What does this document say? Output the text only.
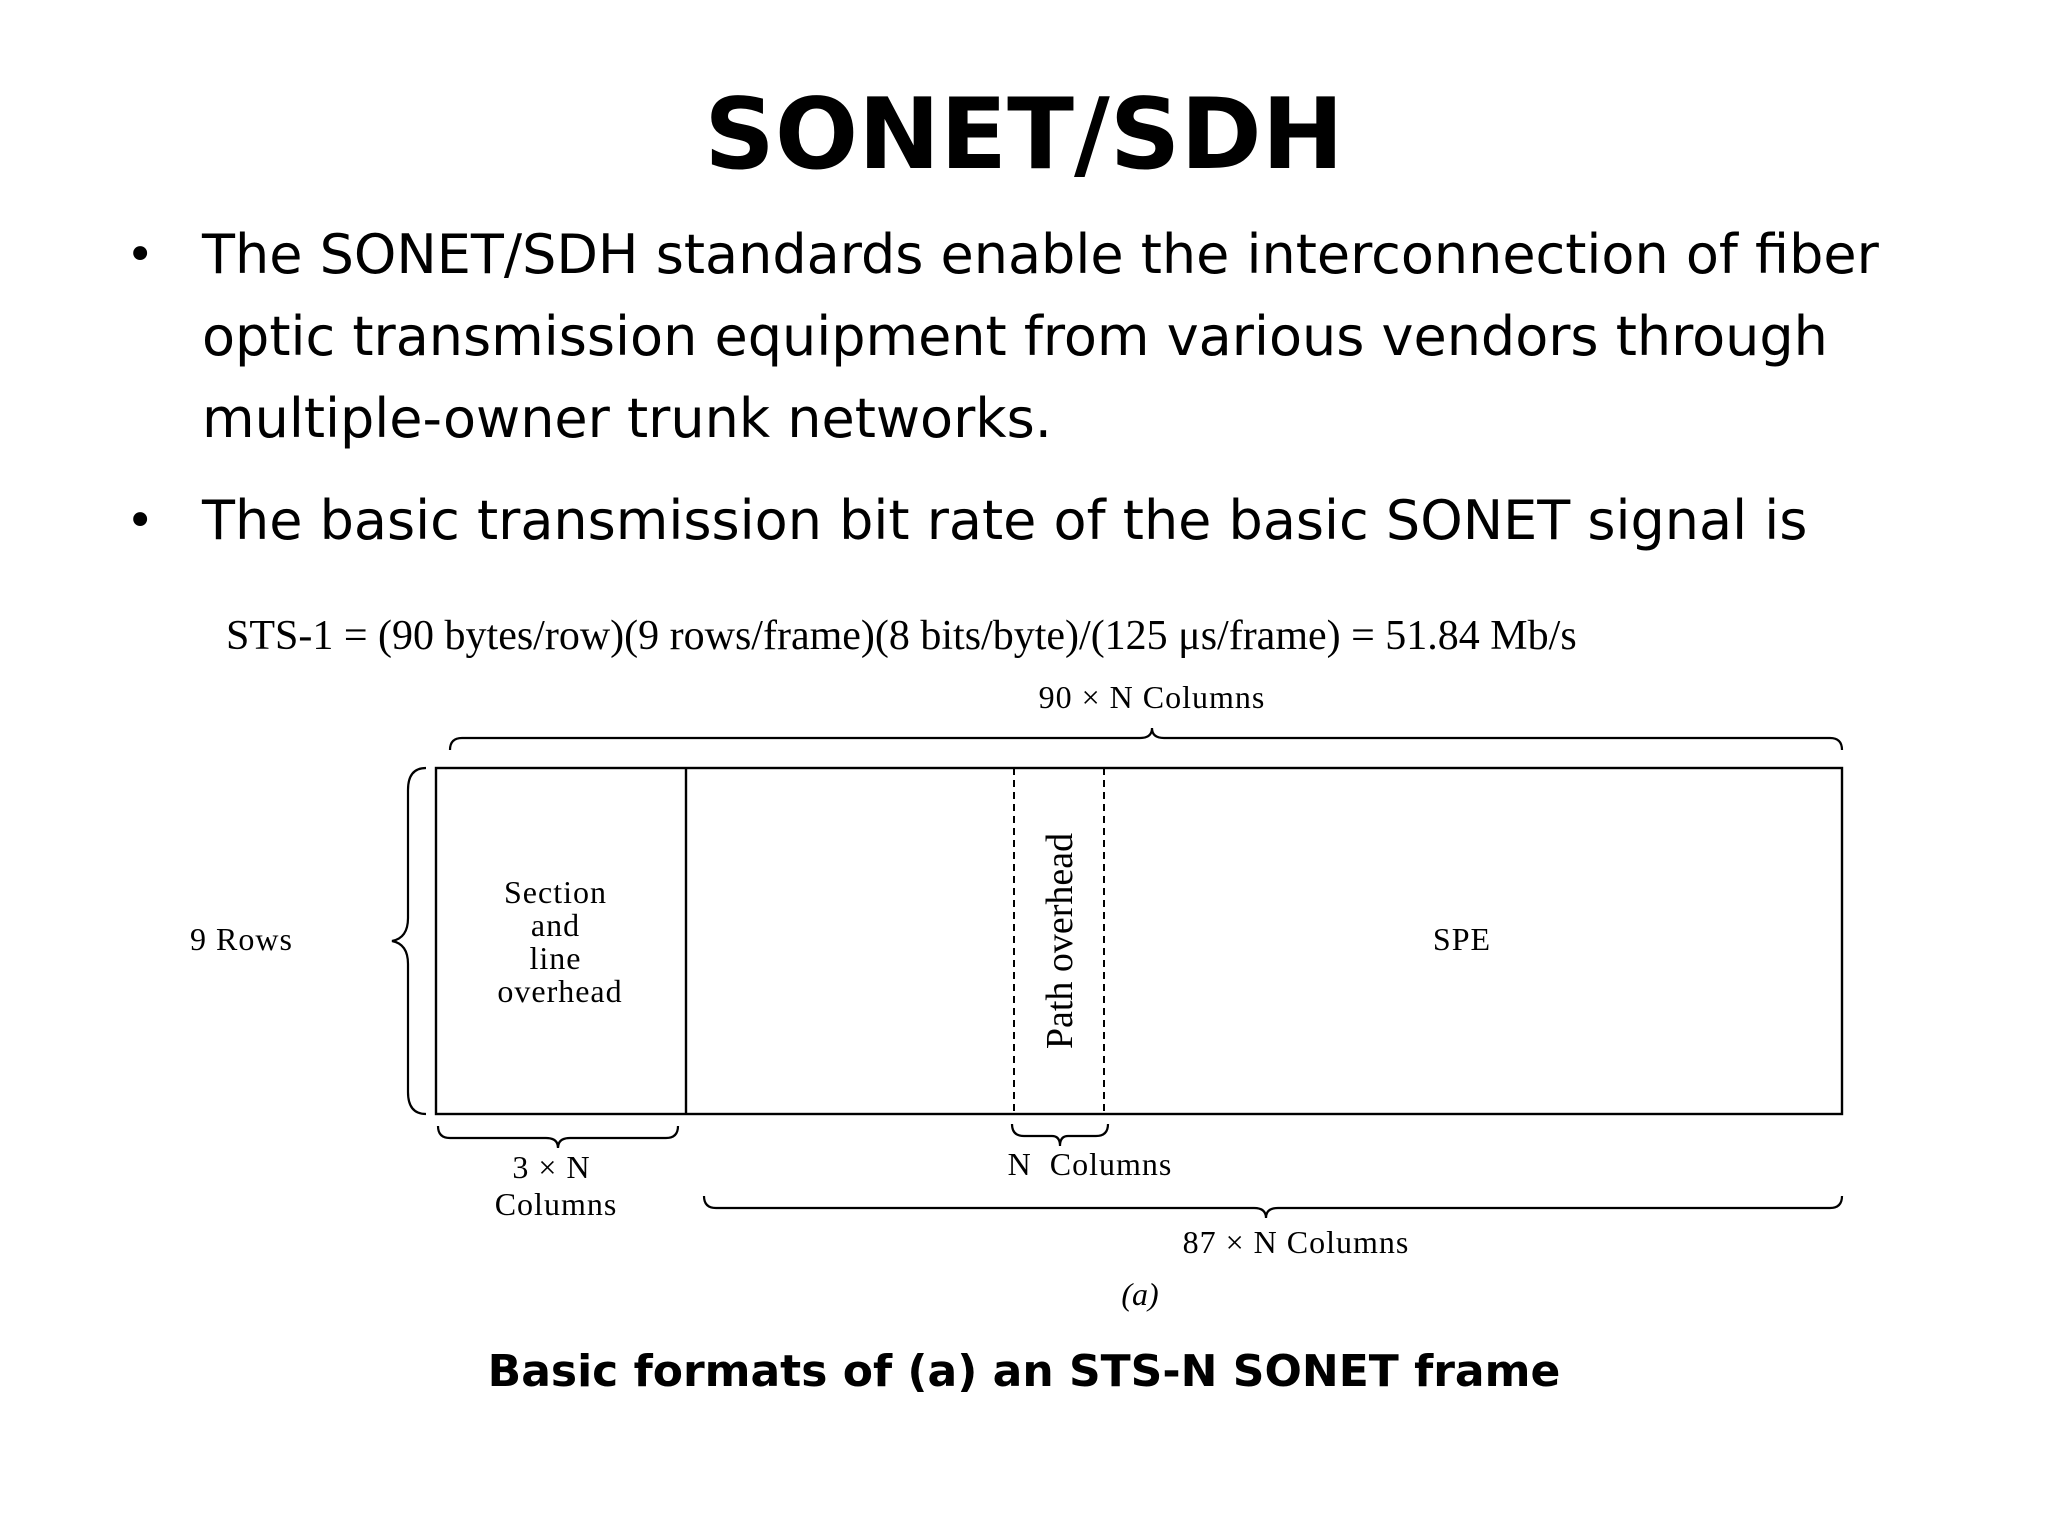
SONET/SDH
• The SONET/SDH standards enable the interconnection of fiber optic transmission equipment from various vendors through multiple-owner trunk networks.
• The basic transmission bit rate of the basic SONET signal is
STS-1 = (90 bytes/row)(9 rows/frame)(8 bits/byte)/(125 μs/frame) = 51.84 Mb/s
90 × N Columns
9 Rows
Section and line overhead	Path overhead	SPE
3 × N Columns
N  Columns
87 × N Columns
(a)

Basic formats of (a) an STS-N SONET frame
